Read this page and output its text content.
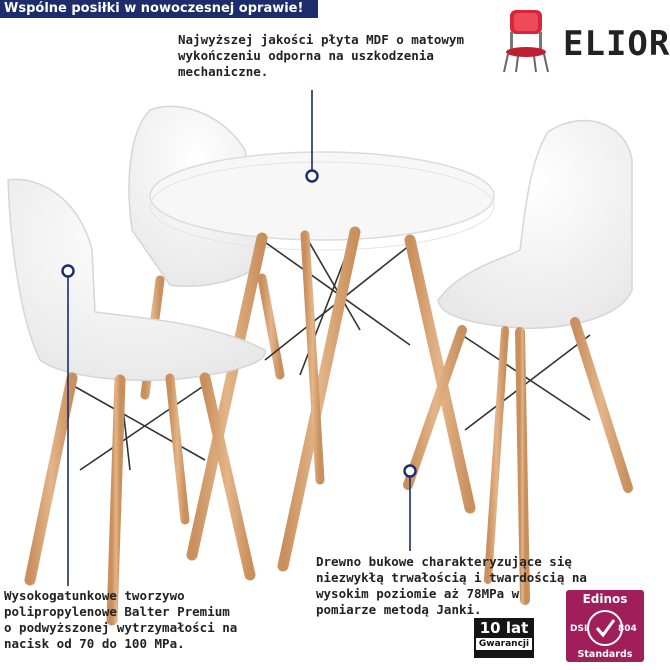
Wspólne posiłki w nowoczesnej oprawie!
ELIOR
Najwyższej jakości płyta MDF o matowym
wykończeniu odporna na uszkodzenia
mechaniczne.
Drewno bukowe charakteryzujące się
niezwykłą trwałością i twardością na
wysokim poziomie aż 78MPa w
pomiarze metodą Janki.
Wysokogatunkowe tworzywo
polipropylenowe Balter Premium
o podwyższonej wytrzymałości na
nacisk od 70 do 100 MPa.
10 lat
Gwarancji
Edinos
DSI	804
Standards
